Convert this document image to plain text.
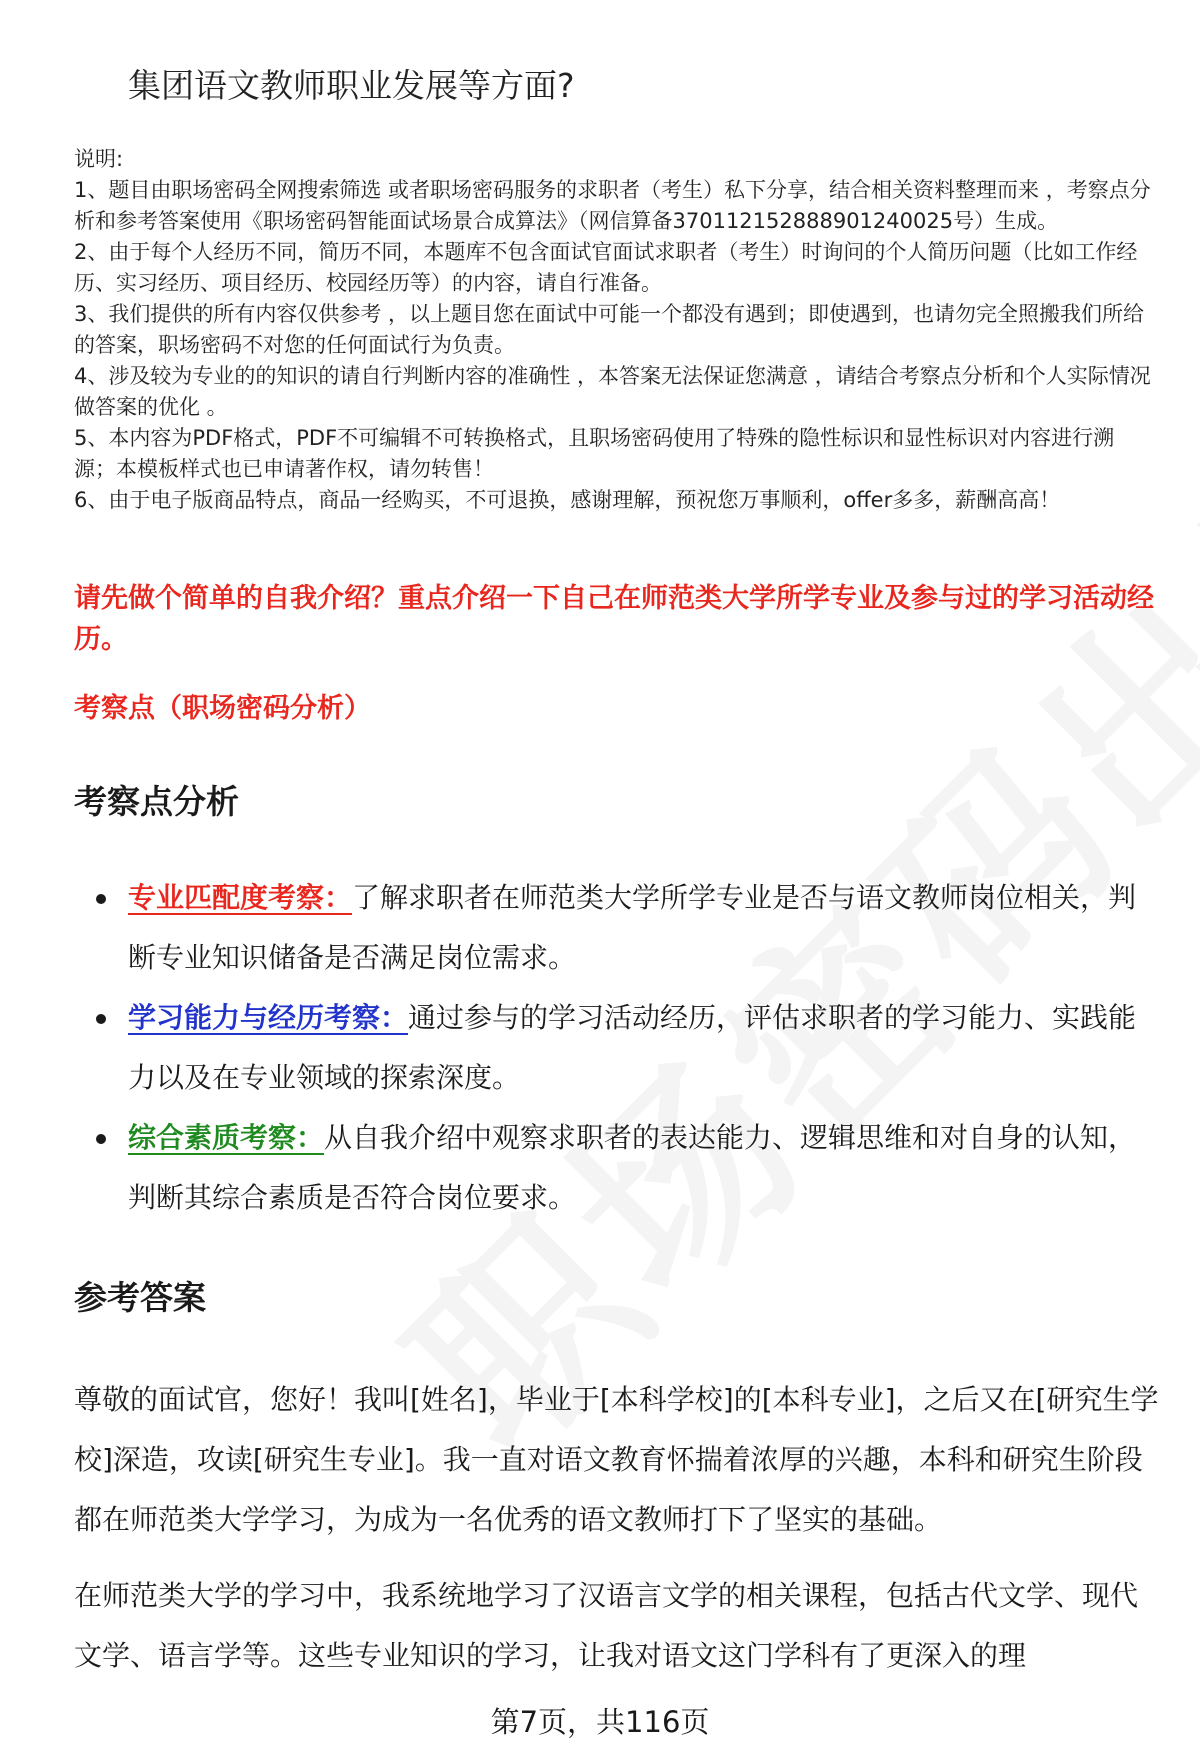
集团语文教师职业发展等方面?

说明:

1、题目由职场密码全网搜索筛选 或者职场密码服务的求职者（考生）私下分享，结合相关资料整理而来 ，考察点分析和参考答案使用《职场密码智能面试场景合成算法》（网信算备370112152888901240025号）生成。

2、由于每个人经历不同，简历不同，本题库不包含面试官面试求职者（考生）时询问的个人简历问题（比如工作经历、实习经历、项目经历、校园经历等）的内容，请自行准备。

3、我们提供的所有内容仅供参考 ，以上题目您在面试中可能一个都没有遇到；即使遇到，也请勿完全照搬我们所给的答案，职场密码不对您的任何面试行为负责。

4、涉及较为专业的的知识的请自行判断内容的准确性 ，本答案无法保证您满意 ，请结合考察点分析和个人实际情况做答案的优化 。

5、本内容为PDF格式，PDF不可编辑不可转换格式，且职场密码使用了特殊的隐性标识和显性标识对内容进行溯源；本模板样式也已申请著作权，请勿转售！

6、由于电子版商品特点，商品一经购买，不可退换，感谢理解，预祝您万事顺利，offer多多，薪酬高高！

请先做个简单的自我介绍？重点介绍一下自己在师范类大学所学专业及参与过的学习活动经历。
考察点（职场密码分析）
考察点分析
专业匹配度考察：了解求职者在师范类大学所学专业是否与语文教师岗位相关，判断专业知识储备是否满足岗位需求。
学习能力与经历考察：通过参与的学习活动经历，评估求职者的学习能力、实践能力以及在专业领域的探索深度。
综合素质考察：从自我介绍中观察求职者的表达能力、逻辑思维和对自身的认知，判断其综合素质是否符合岗位要求。
参考答案

尊敬的面试官，您好！我叫[姓名]，毕业于[本科学校]的[本科专业]，之后又在[研究生学校]深造，攻读[研究生专业]。我一直对语文教育怀揣着浓厚的兴趣，本科和研究生阶段都在师范类大学学习，为成为一名优秀的语文教师打下了坚实的基础。

在师范类大学的学习中，我系统地学习了汉语言文学的相关课程，包括古代文学、现代文学、语言学等。这些专业知识的学习，让我对语文这门学科有了更深入的理

第7页，共116页
